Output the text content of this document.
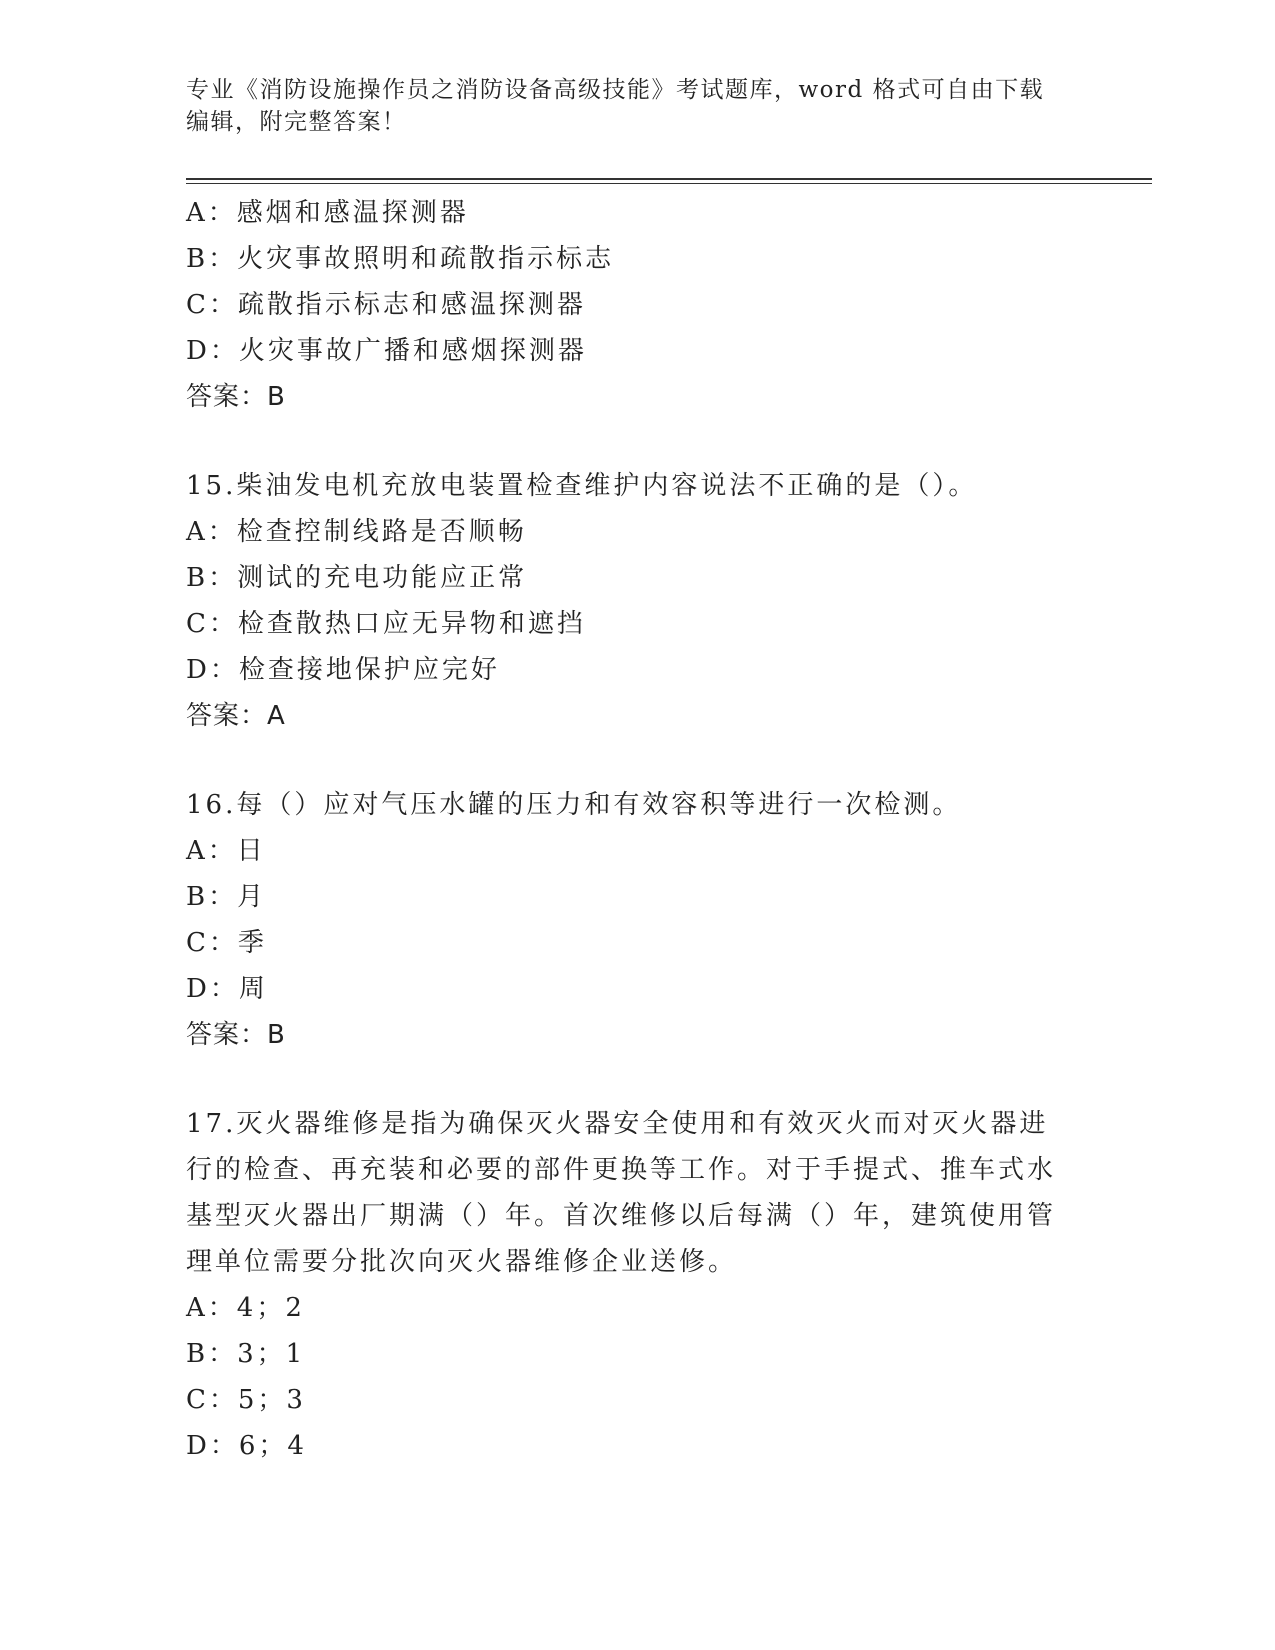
专业《消防设施操作员之消防设备高级技能》考试题库，word 格式可自由下载编辑，附完整答案！
A：感烟和感温探测器
B：火灾事故照明和疏散指示标志
C：疏散指示标志和感温探测器
D：火灾事故广播和感烟探测器
答案：B
15.柴油发电机充放电装置检查维护内容说法不正确的是（）。
A：检查控制线路是否顺畅
B：测试的充电功能应正常
C：检查散热口应无异物和遮挡
D：检查接地保护应完好
答案：A
16.每（）应对气压水罐的压力和有效容积等进行一次检测。
A：日
B：月
C：季
D：周
答案：B
17.灭火器维修是指为确保灭火器安全使用和有效灭火而对灭火器进行的检查、再充装和必要的部件更换等工作。对于手提式、推车式水基型灭火器出厂期满（）年。首次维修以后每满（）年，建筑使用管理单位需要分批次向灭火器维修企业送修。
A：4；2
B：3；1
C：5；3
D：6；4
